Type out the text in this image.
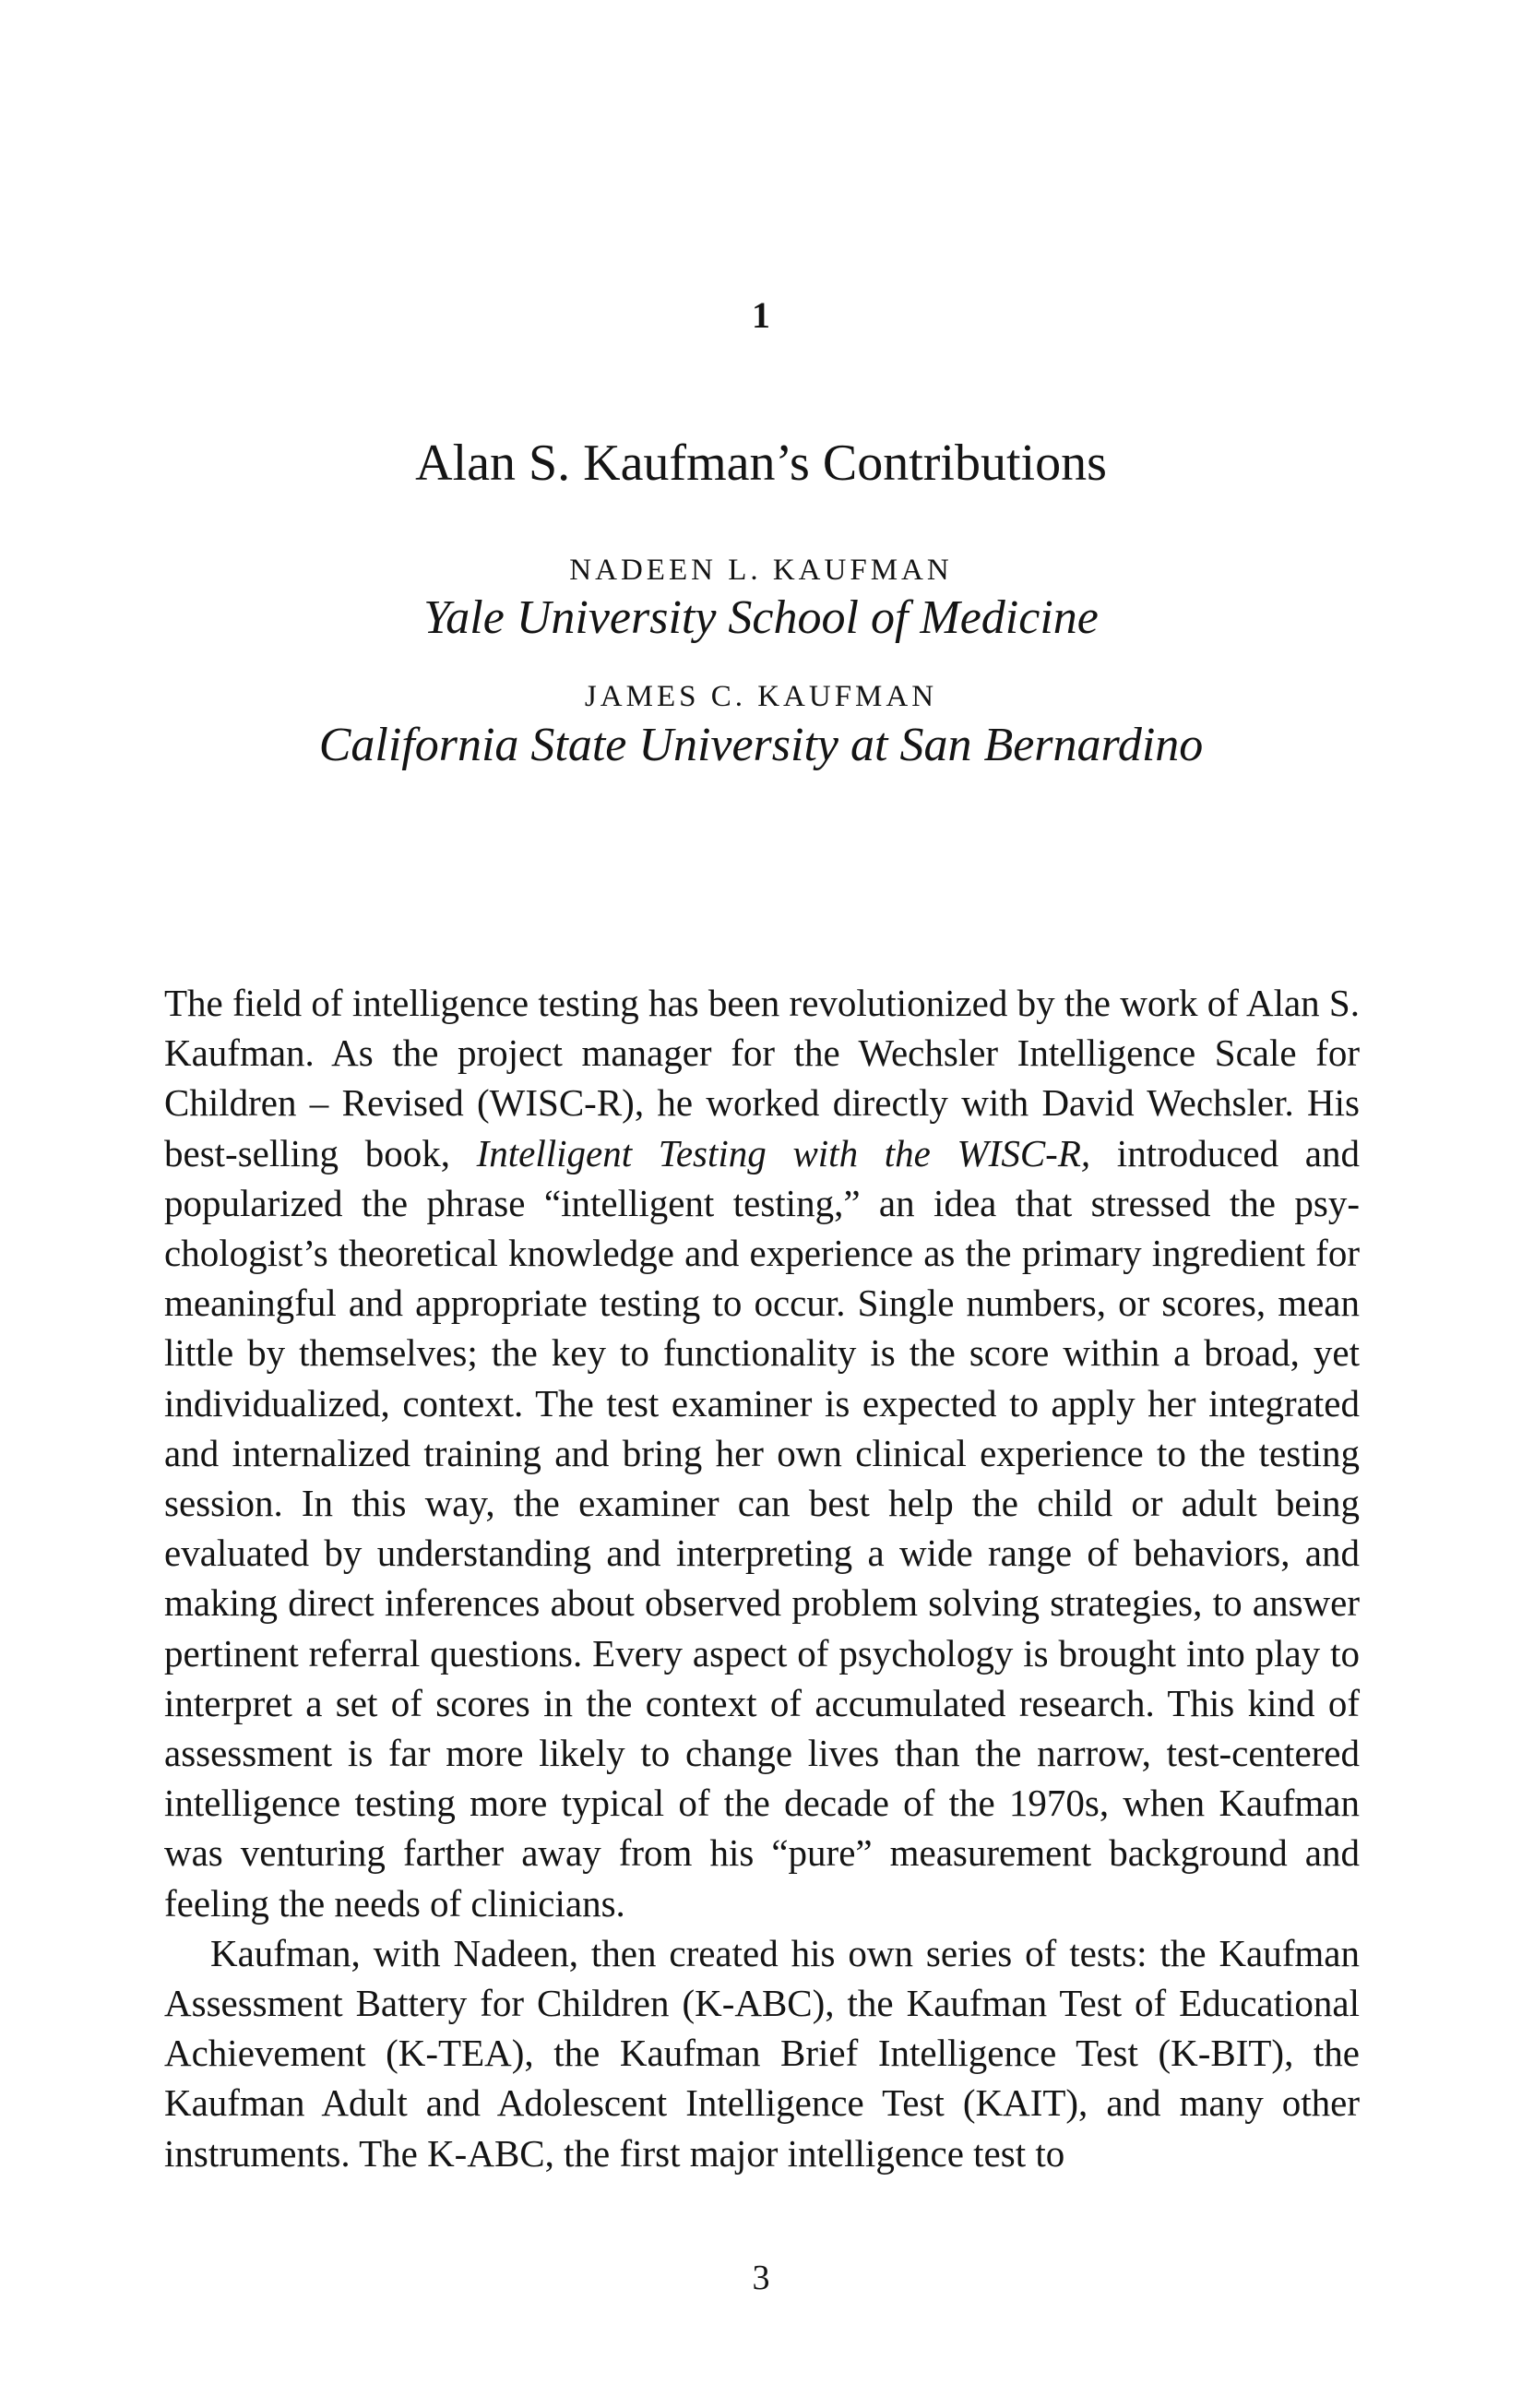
1
Alan S. Kaufman’s Contributions
NADEEN L. KAUFMAN
Yale University School of Medicine
JAMES C. KAUFMAN
California State University at San Bernardino

The field of intelligence testing has been revolutionized by the work of Alan S. Kaufman. As the project manager for the Wechsler Intelligence Scale for Children – Revised (WISC-R), he worked directly with David Wechsler. His best-selling book, Intelligent Testing with the WISC-R, introduced and popularized the phrase “intelligent testing,” an idea that stressed the psychologist’s theoretical knowledge and experience as the primary ingredient for meaningful and appropriate testing to occur. Single numbers, or scores, mean little by themselves; the key to functionality is the score within a broad, yet individualized, context. The test examiner is expected to apply her integrated and internalized training and bring her own clinical experience to the testing session. In this way, the examiner can best help the child or adult being evaluated by understanding and interpreting a wide range of behaviors, and making direct inferences about observed problem solving strategies, to answer pertinent referral questions. Every aspect of psychology is brought into play to interpret a set of scores in the context of accumulated research. This kind of assessment is far more likely to change lives than the narrow, test-centered intelligence testing more typical of the decade of the 1970s, when Kaufman was venturing farther away from his “pure” measurement background and feeling the needs of clinicians.

Kaufman, with Nadeen, then created his own series of tests: the Kaufman Assessment Battery for Children (K-ABC), the Kaufman Test of Educational Achievement (K-TEA), the Kaufman Brief Intelligence Test (K-BIT), the Kaufman Adult and Adolescent Intelligence Test (KAIT), and many other instruments. The K-ABC, the first major intelligence test to

3
